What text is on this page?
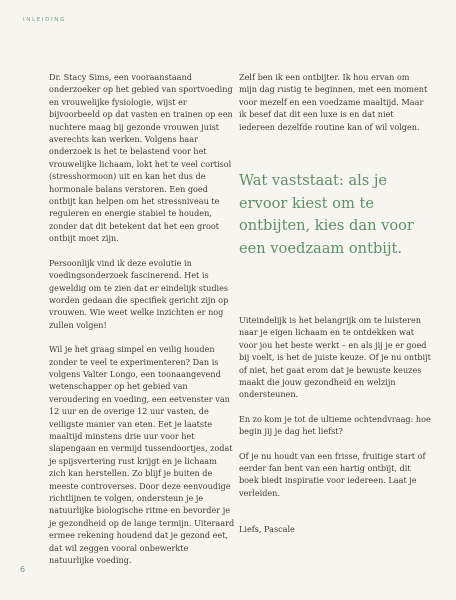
INLEIDING

Dr. Stacy Sims, een vooraanstaand onderzoeker op het gebied van sportvoeding en vrouwelijke fysiologie, wijst er bijvoorbeeld op dat vasten en trainen op een nuchtere maag bij gezonde vrouwen juist averechts kan werken. Volgens haar onderzoek is het te belastend voor het vrouwelijke lichaam, lokt het te veel cortisol (stresshormoon) uit en kan het dus de hormonale balans verstoren. Een goed ontbijt kan helpen om het stressniveau te reguleren en energie stabiel te houden, zonder dat dit betekent dat het een groot ontbijt moet zijn.

Persoonlijk vind ik deze evolutie in voedingsonderzoek fascinerend. Het is geweldig om te zien dat er eindelijk studies worden gedaan die specifiek gericht zijn op vrouwen. Wie weet welke inzichten er nog zullen volgen!

Wil je het graag simpel en veilig houden zonder te veel te experimenteren? Dan is volgens Valter Longo, een toonaangevend wetenschapper op het gebied van veroudering en voeding, een eetvenster van 12 uur en de overige 12 uur vasten, de veiligste manier van eten. Eet je laatste maaltijd minstens drie uur voor het slapengaan en vermijd tussendoortjes, zodat je spijsvertering rust krijgt en je lichaam zich kan herstellen. Zo blijf je buiten de meeste controverses. Door deze eenvoudige richtlijnen te volgen, ondersteun je je natuurlijke biologische ritme en bevorder je je gezondheid op de lange termijn. Uiteraard ermee rekening houdend dat je gezond eet, dat wil zeggen vooral onbewerkte natuurlijke voeding.

Zelf ben ik een ontbijter. Ik hou ervan om mijn dag rustig te beginnen, met een moment voor mezelf en een voedzame maaltijd. Maar ik besef dat dit een luxe is en dat niet iedereen dezelfde routine kan of wil volgen.

Wat vaststaat: als je ervoor kiest om te ontbijten, kies dan voor een voedzaam ontbijt.

Uiteindelijk is het belangrijk om te luisteren naar je eigen lichaam en te ontdekken wat voor jou het beste werkt – en als jij je er goed bij voelt, is het de juiste keuze. Of je nu ontbijt of niet, het gaat erom dat je bewuste keuzes maakt die jouw gezondheid en welzijn ondersteunen.

En zo kom je tot de ultieme ochtendvraag: hoe begin jij je dag het liefst?

Of je nu houdt van een frisse, fruitige start of eerder fan bent van een hartig ontbijt, dit boek biedt inspiratie voor iedereen. Laat je verleiden.

Liefs, Pascale
6
